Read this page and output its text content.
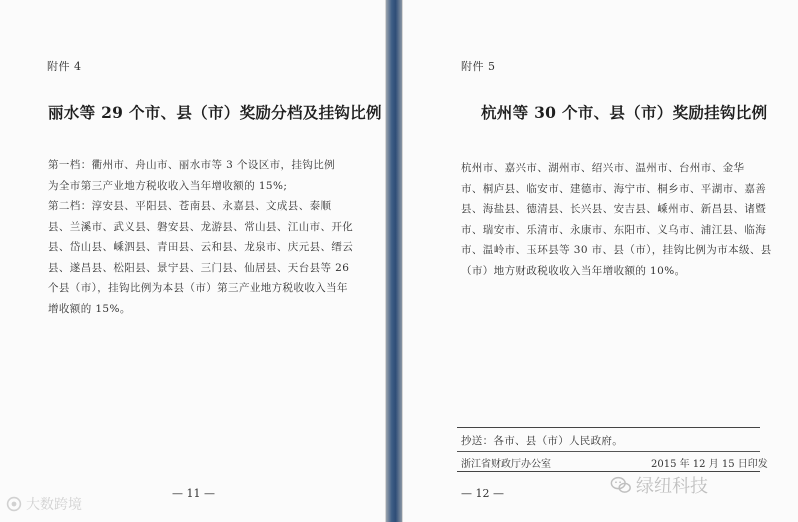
附件 4
丽水等 29 个市、县（市）奖励分档及挂钩比例
第一档：衢州市、舟山市、丽水市等 3 个设区市，挂钩比例
为全市第三产业地方税收收入当年增收额的 15%;
第二档：淳安县、平阳县、苍南县、永嘉县、文成县、泰顺
县、兰溪市、武义县、磐安县、龙游县、常山县、江山市、开化
县、岱山县、嵊泗县、青田县、云和县、龙泉市、庆元县、缙云
县、遂昌县、松阳县、景宁县、三门县、仙居县、天台县等 26
个县（市），挂钩比例为本县（市）第三产业地方税收收入当年
增收额的 15%。
— 11 —
附件 5
杭州等 30 个市、县（市）奖励挂钩比例
杭州市、嘉兴市、湖州市、绍兴市、温州市、台州市、金华
市、桐庐县、临安市、建德市、海宁市、桐乡市、平湖市、嘉善
县、海盐县、德清县、长兴县、安吉县、嵊州市、新昌县、诸暨
市、瑞安市、乐清市、永康市、东阳市、义乌市、浦江县、临海
市、温岭市、玉环县等 30 市、县（市），挂钩比例为市本级、县
（市）地方财政税收收入当年增收额的 10%。
抄送：各市、县（市）人民政府。
浙江省财政厅办公室	2015 年 12 月 15 日印发
— 12 —
大数跨境
绿纽科技
